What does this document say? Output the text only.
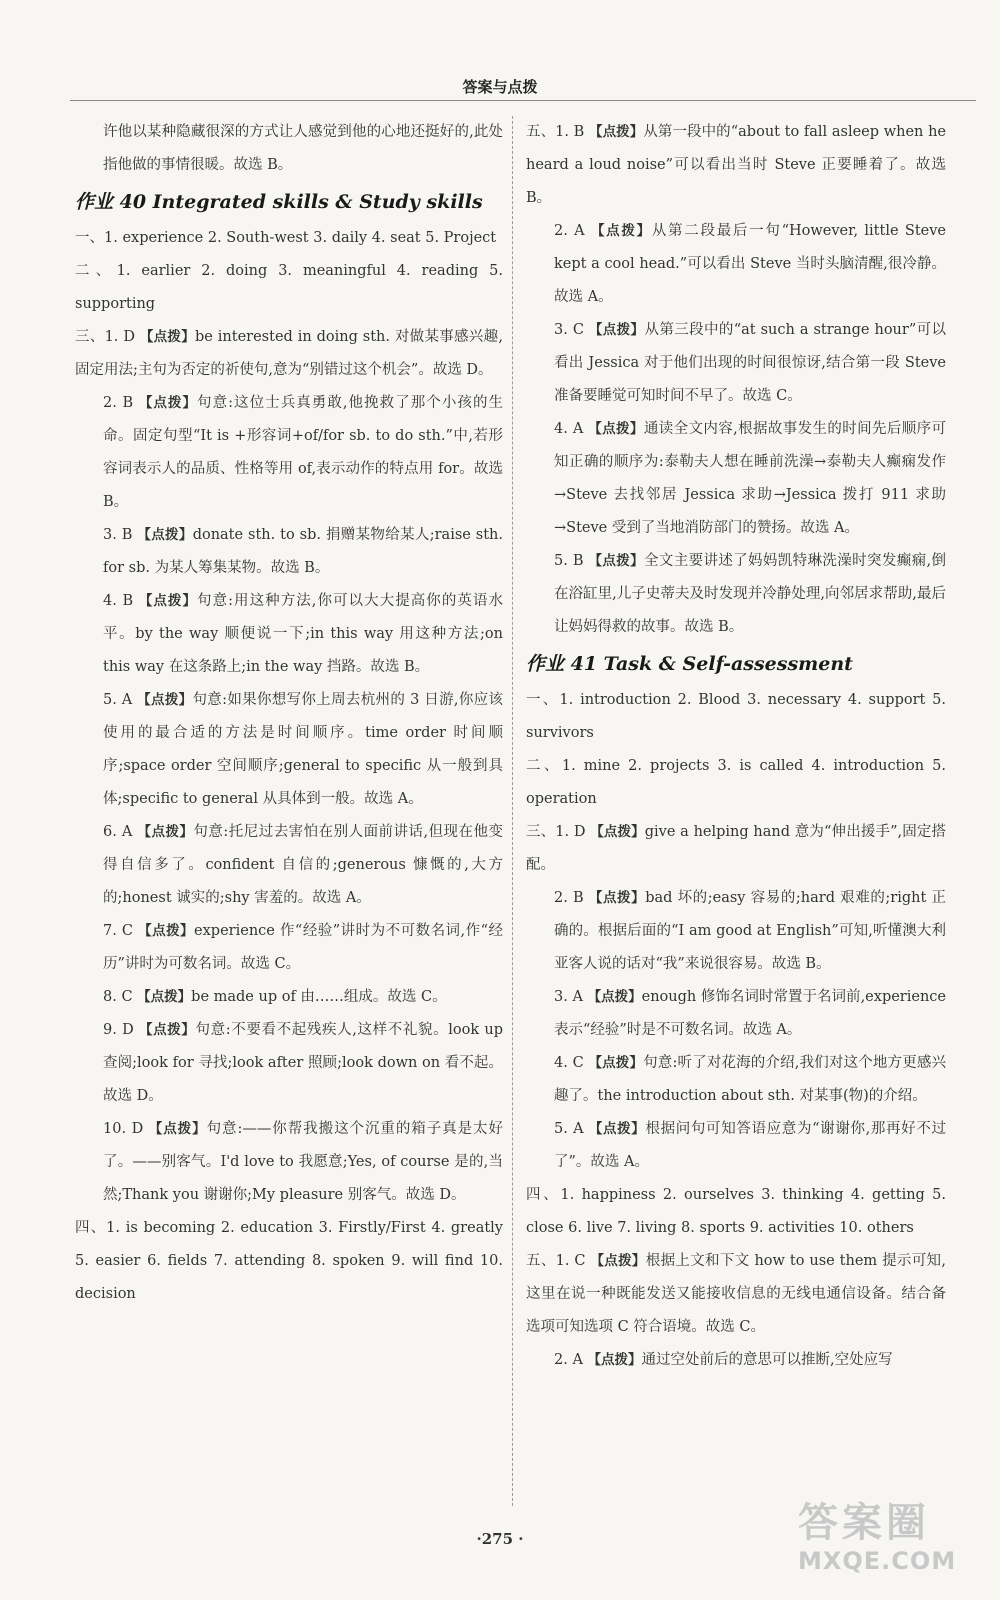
答案与点拨

许他以某种隐藏很深的方式让人感觉到他的心地还挺好的,此处指他做的事情很暖。故选 B。

作业 40 Integrated skills & Study skills

一、1. experience 2. South-west 3. daily 4. seat 5. Project

二、1. earlier 2. doing 3. meaningful 4. reading 5. supporting

三、1. D 【点拨】be interested in doing sth. 对做某事感兴趣,固定用法;主句为否定的祈使句,意为“别错过这个机会”。故选 D。

2. B 【点拨】句意:这位士兵真勇敢,他挽救了那个小孩的生命。固定句型“It is +形容词+of/for sb. to do sth.”中,若形容词表示人的品质、性格等用 of,表示动作的特点用 for。故选 B。

3. B 【点拨】donate sth. to sb. 捐赠某物给某人;raise sth. for sb. 为某人筹集某物。故选 B。

4. B 【点拨】句意:用这种方法,你可以大大提高你的英语水平。by the way 顺便说一下;in this way 用这种方法;on this way 在这条路上;in the way 挡路。故选 B。

5. A 【点拨】句意:如果你想写你上周去杭州的 3 日游,你应该使用的最合适的方法是时间顺序。time order 时间顺序;space order 空间顺序;general to specific 从一般到具体;specific to general 从具体到一般。故选 A。

6. A 【点拨】句意:托尼过去害怕在别人面前讲话,但现在他变得自信多了。confident 自信的;generous 慷慨的,大方的;honest 诚实的;shy 害羞的。故选 A。

7. C 【点拨】experience 作“经验”讲时为不可数名词,作“经历”讲时为可数名词。故选 C。

8. C 【点拨】be made up of 由……组成。故选 C。

9. D 【点拨】句意:不要看不起残疾人,这样不礼貌。look up 查阅;look for 寻找;look after 照顾;look down on 看不起。故选 D。

10. D 【点拨】句意:——你帮我搬这个沉重的箱子真是太好了。——别客气。I'd love to 我愿意;Yes, of course 是的,当然;Thank you 谢谢你;My pleasure 别客气。故选 D。

四、1. is becoming 2. education 3. Firstly/First 4. greatly 5. easier 6. fields 7. attending 8. spoken 9. will find 10. decision

五、1. B 【点拨】从第一段中的“about to fall asleep when he heard a loud noise”可以看出当时 Steve 正要睡着了。故选 B。

2. A 【点拨】从第二段最后一句“However, little Steve kept a cool head.”可以看出 Steve 当时头脑清醒,很冷静。故选 A。

3. C 【点拨】从第三段中的“at such a strange hour”可以看出 Jessica 对于他们出现的时间很惊讶,结合第一段 Steve 准备要睡觉可知时间不早了。故选 C。

4. A 【点拨】通读全文内容,根据故事发生的时间先后顺序可知正确的顺序为:泰勒夫人想在睡前洗澡→泰勒夫人癫痫发作→Steve 去找邻居 Jessica 求助→Jessica 拨打 911 求助→Steve 受到了当地消防部门的赞扬。故选 A。

5. B 【点拨】全文主要讲述了妈妈凯特琳洗澡时突发癫痫,倒在浴缸里,儿子史蒂夫及时发现并冷静处理,向邻居求帮助,最后让妈妈得救的故事。故选 B。

作业 41 Task & Self-assessment

一、1. introduction 2. Blood 3. necessary 4. support 5. survivors

二、1. mine 2. projects 3. is called 4. introduction 5. operation

三、1. D 【点拨】give a helping hand 意为“伸出援手”,固定搭配。

2. B 【点拨】bad 坏的;easy 容易的;hard 艰难的;right 正确的。根据后面的“I am good at English”可知,听懂澳大利亚客人说的话对“我”来说很容易。故选 B。

3. A 【点拨】enough 修饰名词时常置于名词前,experience 表示“经验”时是不可数名词。故选 A。

4. C 【点拨】句意:听了对花海的介绍,我们对这个地方更感兴趣了。the introduction about sth. 对某事(物)的介绍。

5. A 【点拨】根据问句可知答语应意为“谢谢你,那再好不过了”。故选 A。

四、1. happiness 2. ourselves 3. thinking 4. getting 5. close 6. live 7. living 8. sports 9. activities 10. others

五、1. C 【点拨】根据上文和下文 how to use them 提示可知,这里在说一种既能发送又能接收信息的无线电通信设备。结合备选项可知选项 C 符合语境。故选 C。

2. A 【点拨】通过空处前后的意思可以推断,空处应写

·275 ·	答案圈
MXQE.COM
